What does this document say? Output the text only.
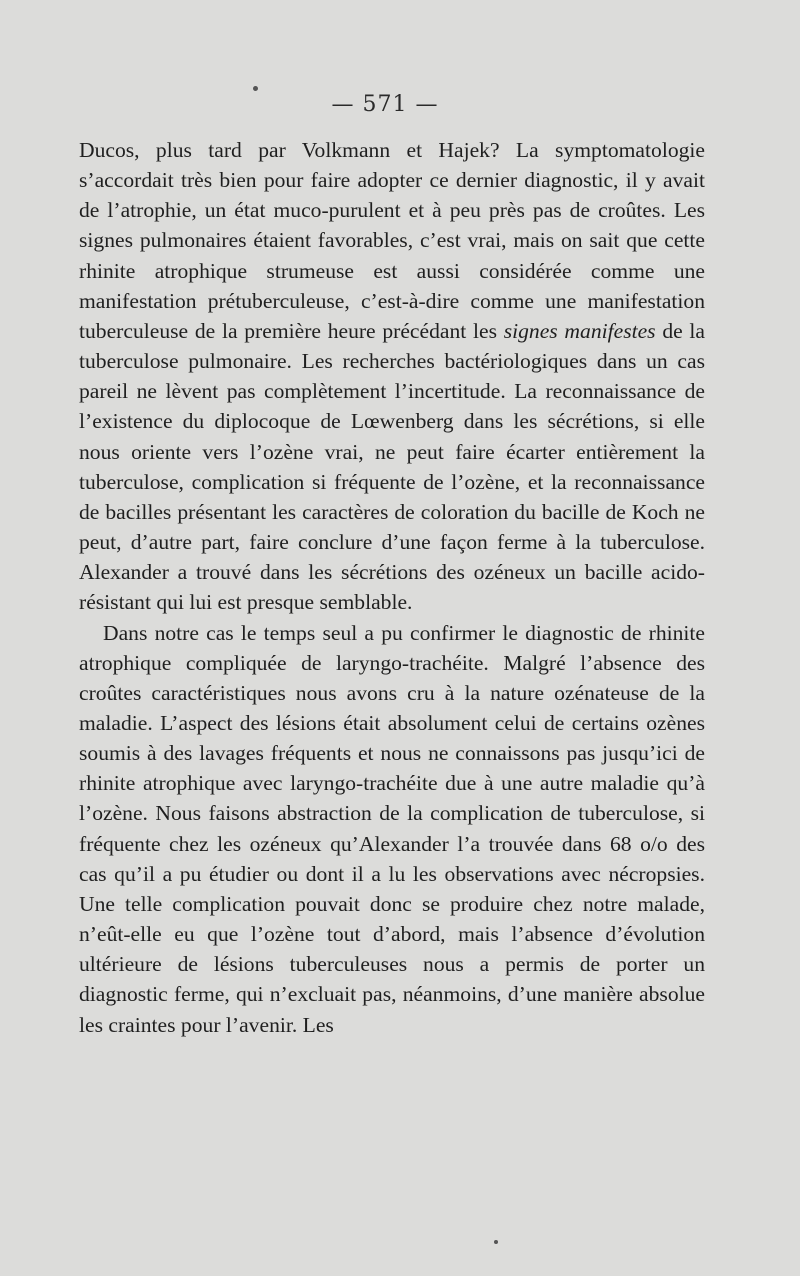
— 571 —

Ducos, plus tard par Volkmann et Hajek? La symptomatologie s’accordait très bien pour faire adopter ce dernier diagnostic, il y avait de l’atrophie, un état muco-purulent et à peu près pas de croûtes. Les signes pulmonaires étaient favorables, c’est vrai, mais on sait que cette rhinite atrophique strumeuse est aussi considérée comme une manifestation prétuberculeuse, c’est-à-dire comme une manifestation tuberculeuse de la première heure précédant les signes manifestes de la tuberculose pulmonaire. Les recherches bactériologiques dans un cas pareil ne lèvent pas complètement l’incertitude. La reconnaissance de l’existence du diplocoque de Lœwenberg dans les sécrétions, si elle nous oriente vers l’ozène vrai, ne peut faire écarter entièrement la tuberculose, complication si fréquente de l’ozène, et la reconnaissance de bacilles présentant les caractères de coloration du bacille de Koch ne peut, d’autre part, faire conclure d’une façon ferme à la tuberculose. Alexander a trouvé dans les sécrétions des ozéneux un bacille acido-résistant qui lui est presque semblable.

Dans notre cas le temps seul a pu confirmer le diagnostic de rhinite atrophique compliquée de laryngo-trachéite. Malgré l’absence des croûtes caractéristiques nous avons cru à la nature ozénateuse de la maladie. L’aspect des lésions était absolument celui de certains ozènes soumis à des lavages fréquents et nous ne connaissons pas jusqu’ici de rhinite atrophique avec laryngo-trachéite due à une autre maladie qu’à l’ozène. Nous faisons abstraction de la complication de tuberculose, si fréquente chez les ozéneux qu’Alexander l’a trouvée dans 68 o/o des cas qu’il a pu étudier ou dont il a lu les observations avec nécropsies. Une telle complication pouvait donc se produire chez notre malade, n’eût-elle eu que l’ozène tout d’abord, mais l’absence d’évolution ultérieure de lésions tuberculeuses nous a permis de porter un diagnostic ferme, qui n’excluait pas, néanmoins, d’une manière absolue les craintes pour l’avenir. Les
